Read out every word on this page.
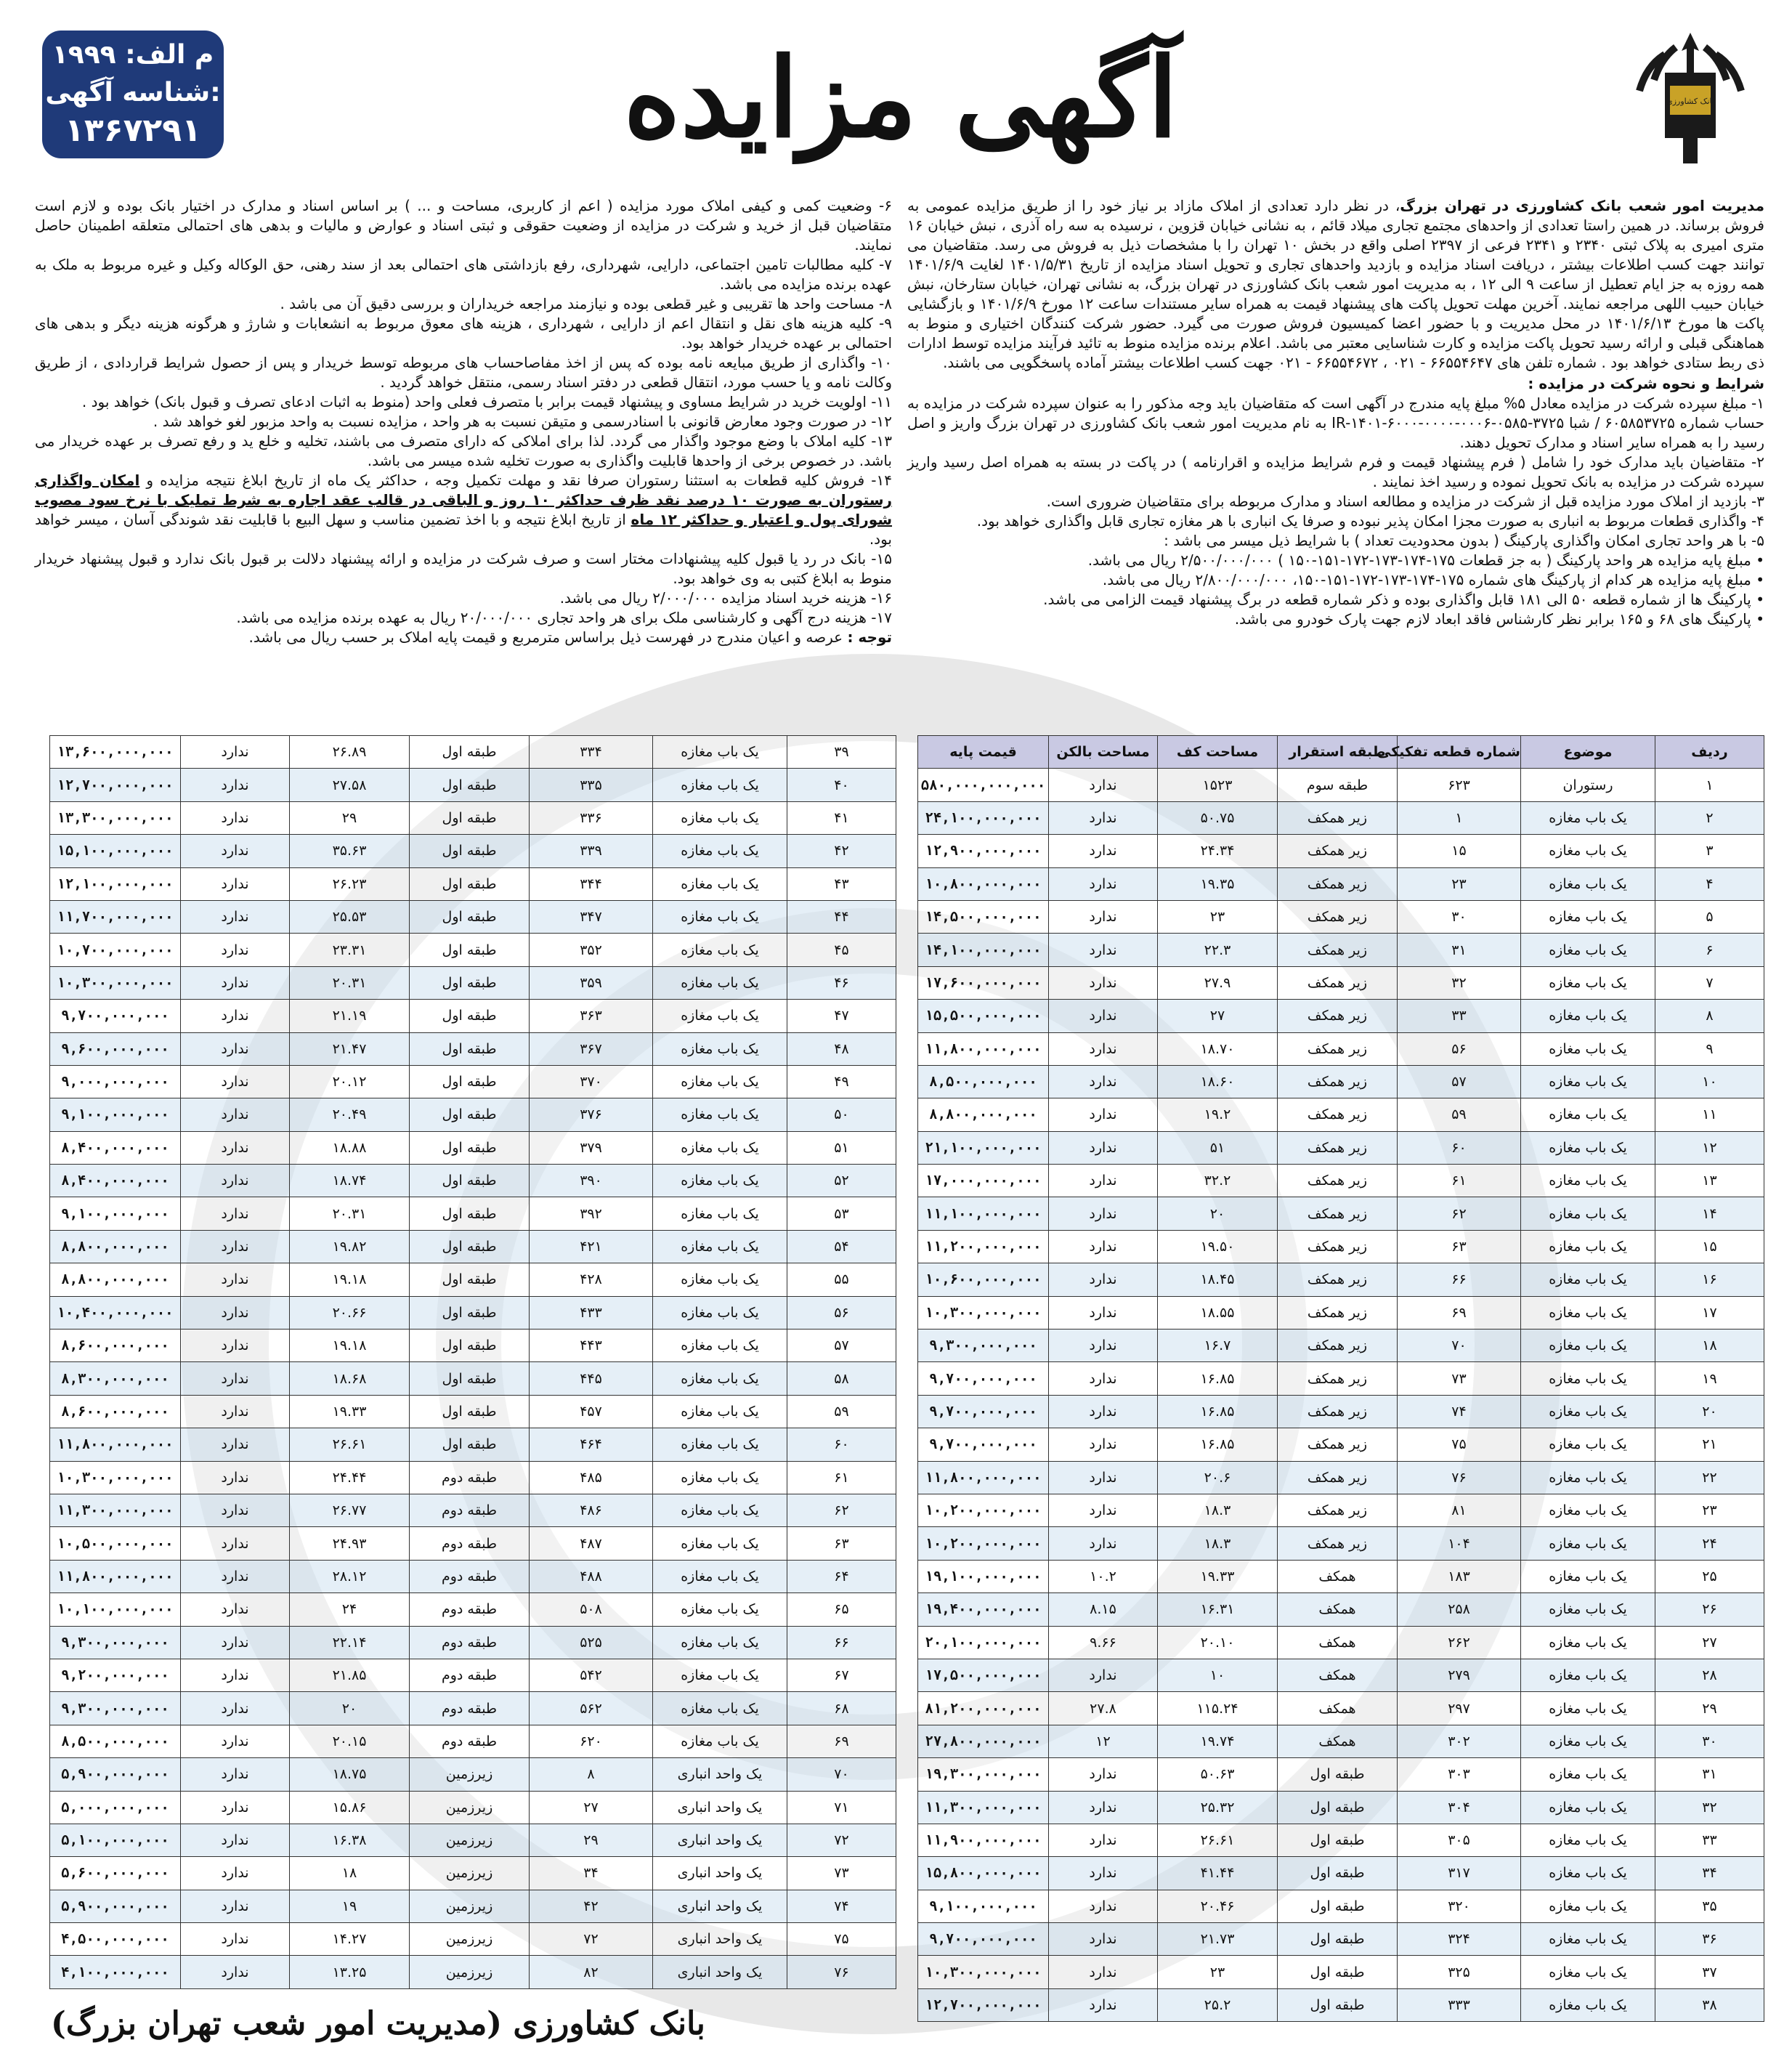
م الف: ۱۹۹۹
شناسه آگهی:
۱۳۶۷۲۹۱	آگهی مزایده	بانک کشاورزی

مدیریت امور شعب بانک کشاورزی در تهران بزرگ، در نظر دارد تعدادی از املاک مازاد بر نیاز خود را از طریق مزایده عمومی به فروش برساند. در همین راستا تعدادی از واحدهای مجتمع تجاری میلاد قائم ، به نشانی خیابان قزوین ، نرسیده به سه راه آذری ، نبش خیابان ۱۶ متری امیری به پلاک ثبتی ۲۳۴۰ و ۲۳۴۱ فرعی از ۲۳۹۷ اصلی واقع در بخش ۱۰ تهران را با مشخصات ذیل به فروش می رسد. متقاضیان می توانند جهت کسب اطلاعات بیشتر ، دریافت اسناد مزایده و بازدید واحدهای تجاری و تحویل اسناد مزایده از تاریخ ۱۴۰۱/۵/۳۱ لغایت ۱۴۰۱/۶/۹ همه روزه به جز ایام تعطیل از ساعت ۹ الی ۱۲ ، به مدیریت امور شعب بانک کشاورزی در تهران بزرگ، به نشانی تهران، خیابان ستارخان، نبش خیابان حبیب اللهی مراجعه نمایند. آخرین مهلت تحویل پاکت های پیشنهاد قیمت به همراه سایر مستندات ساعت ۱۲ مورخ ۱۴۰۱/۶/۹ و بازگشایی پاکت ها مورخ ۱۴۰۱/۶/۱۳ در محل مدیریت و با حضور اعضا کمیسیون فروش صورت می گیرد. حضور شرکت کنندگان اختیاری و منوط به هماهنگی قبلی و ارائه رسید تحویل پاکت مزایده و کارت شناسایی معتبر می باشد. اعلام برنده مزایده منوط به تائید فرآیند مزایده توسط ادارات ذی ربط ستادی خواهد بود . شماره تلفن های ۶۶۵۵۴۶۴۷ - ۰۲۱ ، ۶۶۵۵۴۶۷۲ - ۰۲۱ جهت کسب اطلاعات بیشتر آماده پاسخگویی می باشند.

شرایط و نحوه شرکت در مزایده :

۱- مبلغ سپرده شرکت در مزایده معادل ۵% مبلغ پایه مندرج در آگهی است که متقاضیان باید وجه مذکور را به عنوان سپرده شرکت در مزایده به حساب شماره ۶۰۵۸۵۳۷۲۵ / شبا IR-۱۴۰۱-۶۰۰۰-۰۰۰۰-۰۰۰۶-۰۵۸۵-۳۷۲۵ به نام مدیریت امور شعب بانک کشاورزی در تهران بزرگ واریز و اصل رسید را به همراه سایر اسناد و مدارک تحویل دهند.

۲- متقاضیان باید مدارک خود را شامل ( فرم پیشنهاد قیمت و فرم شرایط مزایده و اقرارنامه ) در پاکت در بسته به همراه اصل رسید واریز سپرده شرکت در مزایده به بانک تحویل نموده و رسید اخذ نمایند .

۳- بازدید از املاک مورد مزایده قبل از شرکت در مزایده و مطالعه اسناد و مدارک مربوطه برای متقاضیان ضروری است.

۴- واگذاری قطعات مربوط به انباری به صورت مجزا امکان پذیر نبوده و صرفا یک انباری با هر مغازه تجاری قابل واگذاری خواهد بود.

۵- با هر واحد تجاری امکان واگذاری پارکینگ ( بدون محدودیت تعداد ) با شرایط ذیل میسر می باشد :

• مبلغ پایه مزایده هر واحد پارکینگ ( به جز قطعات ۱۷۵-۱۷۴-۱۷۳-۱۷۲-۱۵۱-۱۵۰ ) ۲/۵۰۰/۰۰۰/۰۰۰ ریال می باشد.

• مبلغ پایه مزایده هر کدام از پارکینگ های شماره ۱۷۵-۱۷۴-۱۷۳-۱۷۲-۱۵۱-۱۵۰، ۲/۸۰۰/۰۰۰/۰۰۰ ریال می باشد.

• پارکینگ ها از شماره قطعه ۵۰ الی ۱۸۱ قابل واگذاری بوده و ذکر شماره قطعه در برگ پیشنهاد قیمت الزامی می باشد.

• پارکینگ های ۶۸ و ۱۶۵ برابر نظر کارشناس فاقد ابعاد لازم جهت پارک خودرو می باشد.

۶- وضعیت کمی و کیفی املاک مورد مزایده ( اعم از کاربری، مساحت و ... ) بر اساس اسناد و مدارک در اختیار بانک بوده و لازم است متقاضیان قبل از خرید و شرکت در مزایده از وضعیت حقوقی و ثبتی اسناد و عوارض و مالیات و بدهی های احتمالی متعلقه اطمینان حاصل نمایند.

۷- کلیه مطالبات تامین اجتماعی، دارایی، شهرداری، رفع بازداشتی های احتمالی بعد از سند رهنی، حق الوکاله وکیل و غیره مربوط به ملک به عهده برنده مزایده می باشد.

۸- مساحت واحد ها تقریبی و غیر قطعی بوده و نیازمند مراجعه خریداران و بررسی دقیق آن می باشد .

۹- کلیه هزینه های نقل و انتقال اعم از دارایی ، شهرداری ، هزینه های معوق مربوط به انشعابات و شارژ و هرگونه هزینه دیگر و بدهی های احتمالی بر عهده خریدار خواهد بود.

۱۰- واگذاری از طریق مبایعه نامه بوده که پس از اخذ مفاصاحساب های مربوطه توسط خریدار و پس از حصول شرایط قراردادی ، از طریق وکالت نامه و یا حسب مورد، انتقال قطعی در دفتر اسناد رسمی، منتقل خواهد گردید .

۱۱- اولویت خرید در شرایط مساوی و پیشنهاد قیمت برابر با متصرف فعلی واحد (منوط به اثبات ادعای تصرف و قبول بانک) خواهد بود .

۱۲- در صورت وجود معارض قانونی با اسنادرسمی و متیقن نسبت به هر واحد ، مزایده نسبت به واحد مزبور لغو خواهد شد .

۱۳- کلیه املاک با وضع موجود واگذار می گردد. لذا برای املاکی که دارای متصرف می باشند، تخلیه و خلع ید و رفع تصرف بر عهده خریدار می باشد. در خصوص برخی از واحدها قابلیت واگذاری به صورت تخلیه شده میسر می باشد.

۱۴- فروش کلیه قطعات به استثنا رستوران صرفا نقد و مهلت تکمیل وجه ، حداکثر یک ماه از تاریخ ابلاغ نتیجه مزایده و امکان واگذاری رستوران به صورت ۱۰ درصد نقد ظرف حداکثر ۱۰ روز و الباقی در قالب عقد اجاره به شرط تملیک با نرخ سود مصوب شورای پول و اعتبار و حداکثر ۱۲ ماه از تاریخ ابلاغ نتیجه و با اخذ تضمین مناسب و سهل البیع با قابلیت نقد شوندگی آسان ، میسر خواهد بود.

۱۵- بانک در رد یا قبول کلیه پیشنهادات مختار است و صرف شرکت در مزایده و ارائه پیشنهاد دلالت بر قبول بانک ندارد و قبول پیشنهاد خریدار منوط به ابلاغ کتبی به وی خواهد بود.

۱۶- هزینه خرید اسناد مزایده ۲/۰۰۰/۰۰۰ ریال می باشد.

۱۷- هزینه درج آگهی و کارشناسی ملک برای هر واحد تجاری ۲۰/۰۰۰/۰۰۰ ریال به عهده برنده مزایده می باشد.

توجه : عرصه و اعیان مندرج در فهرست ذیل براساس مترمربع و قیمت پایه املاک بر حسب ریال می باشد.

ردیف	موضوع	شماره قطعه تفکیکی	طبقه استقرار	مساحت کف	مساحت بالکن	قیمت پایه
۱	رستوران	۶۲۳	طبقه سوم	۱۵۲۳	ندارد	۵۸۰,۰۰۰,۰۰۰,۰۰۰
۲	یک باب مغازه	۱	زیر همکف	۵۰.۷۵	ندارد	۲۴,۱۰۰,۰۰۰,۰۰۰
۳	یک باب مغازه	۱۵	زیر همکف	۲۴.۳۴	ندارد	۱۲,۹۰۰,۰۰۰,۰۰۰
۴	یک باب مغازه	۲۳	زیر همکف	۱۹.۳۵	ندارد	۱۰,۸۰۰,۰۰۰,۰۰۰
۵	یک باب مغازه	۳۰	زیر همکف	۲۳	ندارد	۱۴,۵۰۰,۰۰۰,۰۰۰
۶	یک باب مغازه	۳۱	زیر همکف	۲۲.۳	ندارد	۱۴,۱۰۰,۰۰۰,۰۰۰
۷	یک باب مغازه	۳۲	زیر همکف	۲۷.۹	ندارد	۱۷,۶۰۰,۰۰۰,۰۰۰
۸	یک باب مغازه	۳۳	زیر همکف	۲۷	ندارد	۱۵,۵۰۰,۰۰۰,۰۰۰
۹	یک باب مغازه	۵۶	زیر همکف	۱۸.۷۰	ندارد	۱۱,۸۰۰,۰۰۰,۰۰۰
۱۰	یک باب مغازه	۵۷	زیر همکف	۱۸.۶۰	ندارد	۸,۵۰۰,۰۰۰,۰۰۰
۱۱	یک باب مغازه	۵۹	زیر همکف	۱۹.۲	ندارد	۸,۸۰۰,۰۰۰,۰۰۰
۱۲	یک باب مغازه	۶۰	زیر همکف	۵۱	ندارد	۲۱,۱۰۰,۰۰۰,۰۰۰
۱۳	یک باب مغازه	۶۱	زیر همکف	۳۲.۲	ندارد	۱۷,۰۰۰,۰۰۰,۰۰۰
۱۴	یک باب مغازه	۶۲	زیر همکف	۲۰	ندارد	۱۱,۱۰۰,۰۰۰,۰۰۰
۱۵	یک باب مغازه	۶۳	زیر همکف	۱۹.۵۰	ندارد	۱۱,۲۰۰,۰۰۰,۰۰۰
۱۶	یک باب مغازه	۶۶	زیر همکف	۱۸.۴۵	ندارد	۱۰,۶۰۰,۰۰۰,۰۰۰
۱۷	یک باب مغازه	۶۹	زیر همکف	۱۸.۵۵	ندارد	۱۰,۳۰۰,۰۰۰,۰۰۰
۱۸	یک باب مغازه	۷۰	زیر همکف	۱۶.۷	ندارد	۹,۳۰۰,۰۰۰,۰۰۰
۱۹	یک باب مغازه	۷۳	زیر همکف	۱۶.۸۵	ندارد	۹,۷۰۰,۰۰۰,۰۰۰
۲۰	یک باب مغازه	۷۴	زیر همکف	۱۶.۸۵	ندارد	۹,۷۰۰,۰۰۰,۰۰۰
۲۱	یک باب مغازه	۷۵	زیر همکف	۱۶.۸۵	ندارد	۹,۷۰۰,۰۰۰,۰۰۰
۲۲	یک باب مغازه	۷۶	زیر همکف	۲۰.۶	ندارد	۱۱,۸۰۰,۰۰۰,۰۰۰
۲۳	یک باب مغازه	۸۱	زیر همکف	۱۸.۳	ندارد	۱۰,۲۰۰,۰۰۰,۰۰۰
۲۴	یک باب مغازه	۱۰۴	زیر همکف	۱۸.۳	ندارد	۱۰,۲۰۰,۰۰۰,۰۰۰
۲۵	یک باب مغازه	۱۸۳	همکف	۱۹.۳۳	۱۰.۲	۱۹,۱۰۰,۰۰۰,۰۰۰
۲۶	یک باب مغازه	۲۵۸	همکف	۱۶.۳۱	۸.۱۵	۱۹,۴۰۰,۰۰۰,۰۰۰
۲۷	یک باب مغازه	۲۶۲	همکف	۲۰.۱۰	۹.۶۶	۲۰,۱۰۰,۰۰۰,۰۰۰
۲۸	یک باب مغازه	۲۷۹	همکف	۱۰	ندارد	۱۷,۵۰۰,۰۰۰,۰۰۰
۲۹	یک باب مغازه	۲۹۷	همکف	۱۱۵.۲۴	۲۷.۸	۸۱,۲۰۰,۰۰۰,۰۰۰
۳۰	یک باب مغازه	۳۰۲	همکف	۱۹.۷۴	۱۲	۲۷,۸۰۰,۰۰۰,۰۰۰
۳۱	یک باب مغازه	۳۰۳	طبقه اول	۵۰.۶۳	ندارد	۱۹,۳۰۰,۰۰۰,۰۰۰
۳۲	یک باب مغازه	۳۰۴	طبقه اول	۲۵.۳۲	ندارد	۱۱,۳۰۰,۰۰۰,۰۰۰
۳۳	یک باب مغازه	۳۰۵	طبقه اول	۲۶.۶۱	ندارد	۱۱,۹۰۰,۰۰۰,۰۰۰
۳۴	یک باب مغازه	۳۱۷	طبقه اول	۴۱.۴۴	ندارد	۱۵,۸۰۰,۰۰۰,۰۰۰
۳۵	یک باب مغازه	۳۲۰	طبقه اول	۲۰.۴۶	ندارد	۹,۱۰۰,۰۰۰,۰۰۰
۳۶	یک باب مغازه	۳۲۴	طبقه اول	۲۱.۷۳	ندارد	۹,۷۰۰,۰۰۰,۰۰۰
۳۷	یک باب مغازه	۳۲۵	طبقه اول	۲۳	ندارد	۱۰,۳۰۰,۰۰۰,۰۰۰
۳۸	یک باب مغازه	۳۳۳	طبقه اول	۲۵.۲	ندارد	۱۲,۷۰۰,۰۰۰,۰۰۰
۳۹	یک باب مغازه	۳۳۴	طبقه اول	۲۶.۸۹	ندارد	۱۳,۶۰۰,۰۰۰,۰۰۰
۴۰	یک باب مغازه	۳۳۵	طبقه اول	۲۷.۵۸	ندارد	۱۲,۷۰۰,۰۰۰,۰۰۰
۴۱	یک باب مغازه	۳۳۶	طبقه اول	۲۹	ندارد	۱۳,۳۰۰,۰۰۰,۰۰۰
۴۲	یک باب مغازه	۳۳۹	طبقه اول	۳۵.۶۳	ندارد	۱۵,۱۰۰,۰۰۰,۰۰۰
۴۳	یک باب مغازه	۳۴۴	طبقه اول	۲۶.۲۳	ندارد	۱۲,۱۰۰,۰۰۰,۰۰۰
۴۴	یک باب مغازه	۳۴۷	طبقه اول	۲۵.۵۳	ندارد	۱۱,۷۰۰,۰۰۰,۰۰۰
۴۵	یک باب مغازه	۳۵۲	طبقه اول	۲۳.۳۱	ندارد	۱۰,۷۰۰,۰۰۰,۰۰۰
۴۶	یک باب مغازه	۳۵۹	طبقه اول	۲۰.۳۱	ندارد	۱۰,۳۰۰,۰۰۰,۰۰۰
۴۷	یک باب مغازه	۳۶۳	طبقه اول	۲۱.۱۹	ندارد	۹,۷۰۰,۰۰۰,۰۰۰
۴۸	یک باب مغازه	۳۶۷	طبقه اول	۲۱.۴۷	ندارد	۹,۶۰۰,۰۰۰,۰۰۰
۴۹	یک باب مغازه	۳۷۰	طبقه اول	۲۰.۱۲	ندارد	۹,۰۰۰,۰۰۰,۰۰۰
۵۰	یک باب مغازه	۳۷۶	طبقه اول	۲۰.۴۹	ندارد	۹,۱۰۰,۰۰۰,۰۰۰
۵۱	یک باب مغازه	۳۷۹	طبقه اول	۱۸.۸۸	ندارد	۸,۴۰۰,۰۰۰,۰۰۰
۵۲	یک باب مغازه	۳۹۰	طبقه اول	۱۸.۷۴	ندارد	۸,۴۰۰,۰۰۰,۰۰۰
۵۳	یک باب مغازه	۳۹۲	طبقه اول	۲۰.۳۱	ندارد	۹,۱۰۰,۰۰۰,۰۰۰
۵۴	یک باب مغازه	۴۲۱	طبقه اول	۱۹.۸۲	ندارد	۸,۸۰۰,۰۰۰,۰۰۰
۵۵	یک باب مغازه	۴۲۸	طبقه اول	۱۹.۱۸	ندارد	۸,۸۰۰,۰۰۰,۰۰۰
۵۶	یک باب مغازه	۴۳۳	طبقه اول	۲۰.۶۶	ندارد	۱۰,۴۰۰,۰۰۰,۰۰۰
۵۷	یک باب مغازه	۴۴۳	طبقه اول	۱۹.۱۸	ندارد	۸,۶۰۰,۰۰۰,۰۰۰
۵۸	یک باب مغازه	۴۴۵	طبقه اول	۱۸.۶۸	ندارد	۸,۳۰۰,۰۰۰,۰۰۰
۵۹	یک باب مغازه	۴۵۷	طبقه اول	۱۹.۳۳	ندارد	۸,۶۰۰,۰۰۰,۰۰۰
۶۰	یک باب مغازه	۴۶۴	طبقه اول	۲۶.۶۱	ندارد	۱۱,۸۰۰,۰۰۰,۰۰۰
۶۱	یک باب مغازه	۴۸۵	طبقه دوم	۲۴.۴۴	ندارد	۱۰,۳۰۰,۰۰۰,۰۰۰
۶۲	یک باب مغازه	۴۸۶	طبقه دوم	۲۶.۷۷	ندارد	۱۱,۳۰۰,۰۰۰,۰۰۰
۶۳	یک باب مغازه	۴۸۷	طبقه دوم	۲۴.۹۳	ندارد	۱۰,۵۰۰,۰۰۰,۰۰۰
۶۴	یک باب مغازه	۴۸۸	طبقه دوم	۲۸.۱۲	ندارد	۱۱,۸۰۰,۰۰۰,۰۰۰
۶۵	یک باب مغازه	۵۰۸	طبقه دوم	۲۴	ندارد	۱۰,۱۰۰,۰۰۰,۰۰۰
۶۶	یک باب مغازه	۵۲۵	طبقه دوم	۲۲.۱۴	ندارد	۹,۳۰۰,۰۰۰,۰۰۰
۶۷	یک باب مغازه	۵۴۲	طبقه دوم	۲۱.۸۵	ندارد	۹,۲۰۰,۰۰۰,۰۰۰
۶۸	یک باب مغازه	۵۶۲	طبقه دوم	۲۰	ندارد	۹,۳۰۰,۰۰۰,۰۰۰
۶۹	یک باب مغازه	۶۲۰	طبقه دوم	۲۰.۱۵	ندارد	۸,۵۰۰,۰۰۰,۰۰۰
۷۰	یک واحد انباری	۸	زیرزمین	۱۸.۷۵	ندارد	۵,۹۰۰,۰۰۰,۰۰۰
۷۱	یک واحد انباری	۲۷	زیرزمین	۱۵.۸۶	ندارد	۵,۰۰۰,۰۰۰,۰۰۰
۷۲	یک واحد انباری	۲۹	زیرزمین	۱۶.۳۸	ندارد	۵,۱۰۰,۰۰۰,۰۰۰
۷۳	یک واحد انباری	۳۴	زیرزمین	۱۸	ندارد	۵,۶۰۰,۰۰۰,۰۰۰
۷۴	یک واحد انباری	۴۲	زیرزمین	۱۹	ندارد	۵,۹۰۰,۰۰۰,۰۰۰
۷۵	یک واحد انباری	۷۲	زیرزمین	۱۴.۲۷	ندارد	۴,۵۰۰,۰۰۰,۰۰۰
۷۶	یک واحد انباری	۸۲	زیرزمین	۱۳.۲۵	ندارد	۴,۱۰۰,۰۰۰,۰۰۰
بانک کشاورزی (مدیریت امور شعب تهران بزرگ)
